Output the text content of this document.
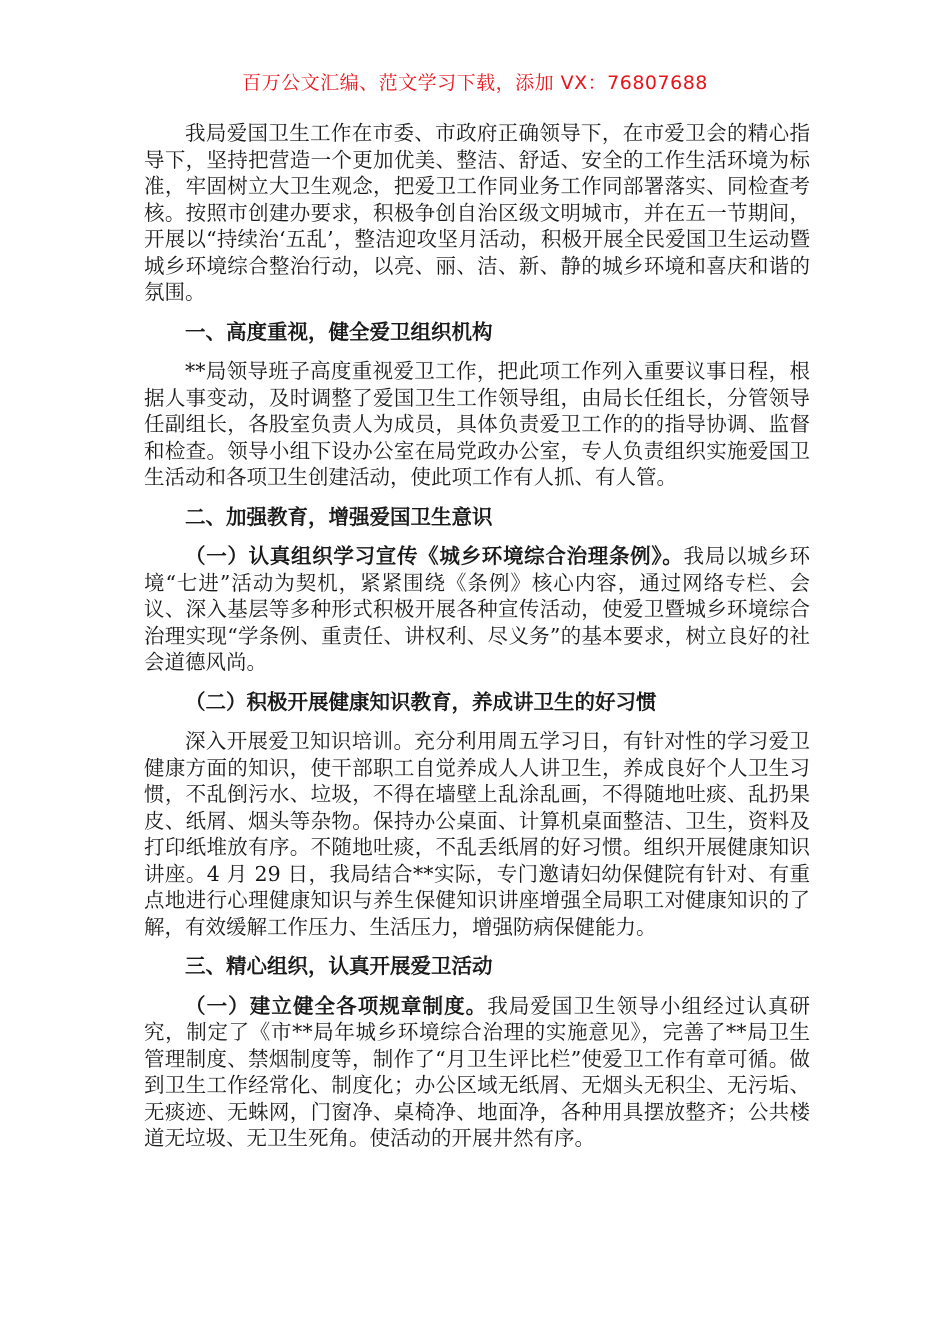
百万公文汇编、范文学习下载，添加 VX：76807688

我局爱国卫生工作在市委、市政府正确领导下，在市爱卫会的精心指导下，坚持把营造一个更加优美、整洁、舒适、安全的工作生活环境为标准，牢固树立大卫生观念，把爱卫工作同业务工作同部署落实、同检查考核。按照市创建办要求，积极争创自治区级文明城市，并在五一节期间，开展以“持续治‘五乱’，整洁迎攻坚月活动，积极开展全民爱国卫生运动暨城乡环境综合整治行动，以亮、丽、洁、新、静的城乡环境和喜庆和谐的氛围。

一、高度重视，健全爱卫组织机构

**局领导班子高度重视爱卫工作，把此项工作列入重要议事日程，根据人事变动，及时调整了爱国卫生工作领导组，由局长任组长，分管领导任副组长，各股室负责人为成员，具体负责爱卫工作的的指导协调、监督和检查。领导小组下设办公室在局党政办公室，专人负责组织实施爱国卫生活动和各项卫生创建活动，使此项工作有人抓、有人管。

二、加强教育，增强爱国卫生意识

（一）认真组织学习宣传《城乡环境综合治理条例》。我局以城乡环境“七进”活动为契机，紧紧围绕《条例》核心内容，通过网络专栏、会议、深入基层等多种形式积极开展各种宣传活动，使爱卫暨城乡环境综合治理实现“学条例、重责任、讲权利、尽义务”的基本要求，树立良好的社会道德风尚。

（二）积极开展健康知识教育，养成讲卫生的好习惯

深入开展爱卫知识培训。充分利用周五学习日，有针对性的学习爱卫健康方面的知识，使干部职工自觉养成人人讲卫生，养成良好个人卫生习惯，不乱倒污水、垃圾，不得在墙壁上乱涂乱画，不得随地吐痰、乱扔果皮、纸屑、烟头等杂物。保持办公桌面、计算机桌面整洁、卫生，资料及打印纸堆放有序。不随地吐痰，不乱丢纸屑的好习惯。组织开展健康知识讲座。4 月 29 日，我局结合**实际，专门邀请妇幼保健院有针对、有重点地进行心理健康知识与养生保健知识讲座增强全局职工对健康知识的了解，有效缓解工作压力、生活压力，增强防病保健能力。

三、精心组织，认真开展爱卫活动

（一）建立健全各项规章制度。我局爱国卫生领导小组经过认真研究，制定了《市**局年城乡环境综合治理的实施意见》，完善了**局卫生管理制度、禁烟制度等，制作了“月卫生评比栏”使爱卫工作有章可循。做到卫生工作经常化、制度化；办公区域无纸屑、无烟头无积尘、无污垢、无痰迹、无蛛网，门窗净、桌椅净、地面净，各种用具摆放整齐；公共楼道无垃圾、无卫生死角。使活动的开展井然有序。
